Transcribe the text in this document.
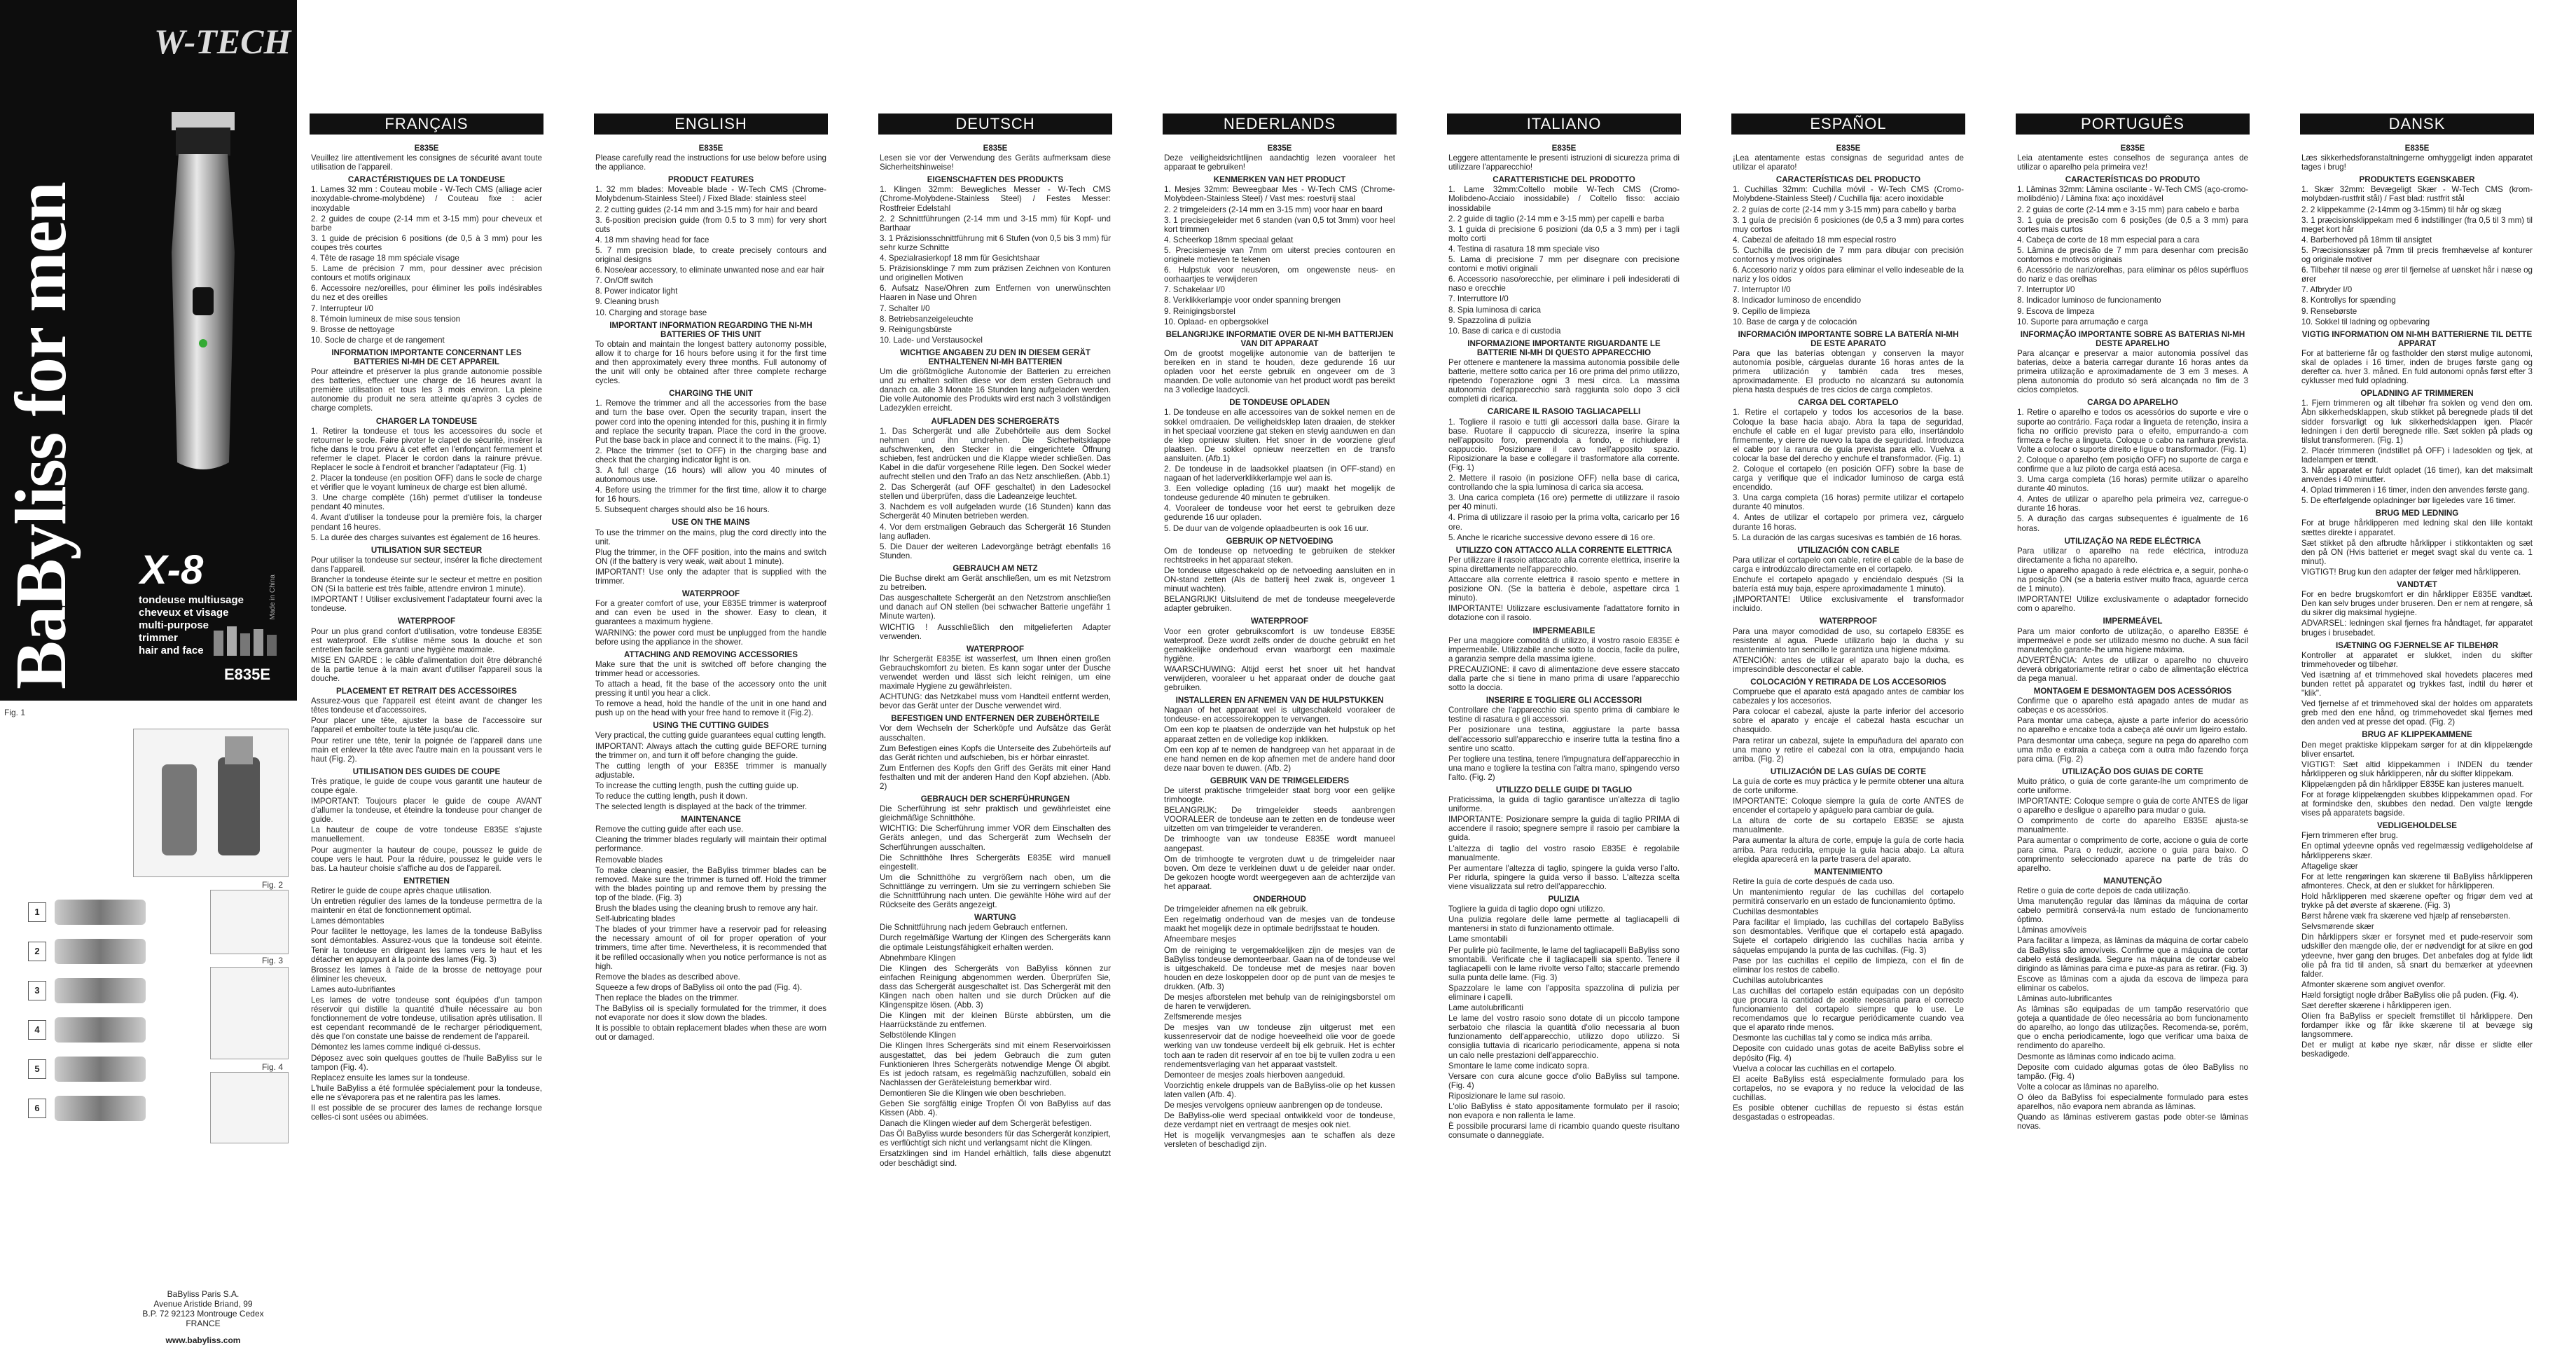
BaByliss for men
W-TECH
X-8
tondeuse multiusage
cheveux et visage
multi-purpose
trimmer
hair and face
Made in China
E835E
Fig. 1
Fig. 2
Fig. 3
Fig. 4
1
2
3
4
5
6
BaByliss Paris S.A.
Avenue Aristide Briand, 99
B.P. 72 92123 Montrouge Cedex
FRANCE
www.babyliss.com
FRANÇAIS
E835E

Veuillez lire attentivement les consignes de sécurité avant toute utilisation de l'appareil.

CARACTÉRISTIQUES DE LA TONDEUSE

1. Lames 32 mm : Couteau mobile - W-Tech CMS (alliage acier inoxydable-chrome-molybdène) / Couteau fixe : acier inoxydable

2. 2 guides de coupe (2-14 mm et 3-15 mm) pour cheveux et barbe

3. 1 guide de précision 6 positions (de 0,5 à 3 mm) pour les coupes très courtes

4. Tête de rasage 18 mm spéciale visage

5. Lame de précision 7 mm, pour dessiner avec précision contours et motifs originaux

6. Accessoire nez/oreilles, pour éliminer les poils indésirables du nez et des oreilles

7. Interrupteur I/0

8. Témoin lumineux de mise sous tension

9. Brosse de nettoyage

10. Socle de charge et de rangement

INFORMATION IMPORTANTE CONCERNANT LES BATTERIES NI-MH DE CET APPAREIL

Pour atteindre et préserver la plus grande autonomie possible des batteries, effectuer une charge de 16 heures avant la première utilisation et tous les 3 mois environ. La pleine autonomie du produit ne sera atteinte qu'après 3 cycles de charge complets.

CHARGER LA TONDEUSE

1. Retirer la tondeuse et tous les accessoires du socle et retourner le socle. Faire pivoter le clapet de sécurité, insérer la fiche dans le trou prévu à cet effet en l'enfonçant fermement et refermer le clapet. Placer le cordon dans la rainure prévue. Replacer le socle à l'endroit et brancher l'adaptateur (Fig. 1)

2. Placer la tondeuse (en position OFF) dans le socle de charge et vérifier que le voyant lumineux de charge est bien allumé.

3. Une charge complète (16h) permet d'utiliser la tondeuse pendant 40 minutes.

4. Avant d'utiliser la tondeuse pour la première fois, la charger pendant 16 heures.

5. La durée des charges suivantes est également de 16 heures.

UTILISATION SUR SECTEUR

Pour utiliser la tondeuse sur secteur, insérer la fiche directement dans l'appareil.

Brancher la tondeuse éteinte sur le secteur et mettre en position ON (Si la batterie est très faible, attendre environ 1 minute).

IMPORTANT ! Utiliser exclusivement l'adaptateur fourni avec la tondeuse.

WATERPROOF

Pour un plus grand confort d'utilisation, votre tondeuse E835E est waterproof. Elle s'utilise même sous la douche et son entretien facile sera garanti une hygiène maximale.

MISE EN GARDE : le câble d'alimentation doit être débranché de la partie tenue à la main avant d'utiliser l'appareil sous la douche.

PLACEMENT ET RETRAIT DES ACCESSOIRES

Assurez-vous que l'appareil est éteint avant de changer les têtes tondeuse et d'accessoires.

Pour placer une tête, ajuster la base de l'accessoire sur l'appareil et emboîter toute la tête jusqu'au clic.

Pour retirer une tête, tenir la poignée de l'appareil dans une main et enlever la tête avec l'autre main en la poussant vers le haut (Fig. 2).

UTILISATION DES GUIDES DE COUPE

Très pratique, le guide de coupe vous garantit une hauteur de coupe égale.

IMPORTANT: Toujours placer le guide de coupe AVANT d'allumer la tondeuse, et éteindre la tondeuse pour changer de guide.

La hauteur de coupe de votre tondeuse E835E s'ajuste manuellement.

Pour augmenter la hauteur de coupe, poussez le guide de coupe vers le haut. Pour la réduire, poussez le guide vers le bas. La hauteur choisie s'affiche au dos de l'appareil.

ENTRETIEN

Retirer le guide de coupe après chaque utilisation.

Un entretien régulier des lames de la tondeuse permettra de la maintenir en état de fonctionnement optimal.

Lames démontables

Pour faciliter le nettoyage, les lames de la tondeuse BaByliss sont démontables. Assurez-vous que la tondeuse soit éteinte. Tenir la tondeuse en dirigeant les lames vers le haut et les détacher en appuyant à la pointe des lames (Fig. 3)

Brossez les lames à l'aide de la brosse de nettoyage pour éliminer les cheveux.

Lames auto-lubrifiantes

Les lames de votre tondeuse sont équipées d'un tampon réservoir qui distille la quantité d'huile nécessaire au bon fonctionnement de votre tondeuse, utilisation après utilisation. Il est cependant recommandé de le recharger périodiquement, dès que l'on constate une baisse de rendement de l'appareil.

Démontez les lames comme indiqué ci-dessus.

Déposez avec soin quelques gouttes de l'huile BaByliss sur le tampon (Fig. 4).

Replacez ensuite les lames sur la tondeuse.

L'huile BaByliss a été formulée spécialement pour la tondeuse, elle ne s'évaporera pas et ne ralentira pas les lames.

Il est possible de se procurer des lames de rechange lorsque celles-ci sont usées ou abimées.

ENGLISH
E835E

Please carefully read the instructions for use below before using the appliance.

PRODUCT FEATURES

1. 32 mm blades: Moveable blade - W-Tech CMS (Chrome-Molybdenum-Stainless Steel) / Fixed Blade: stainless steel

2. 2 cutting guides (2-14 mm and 3-15 mm) for hair and beard

3. 6-position precision guide (from 0.5 to 3 mm) for very short cuts

4. 18 mm shaving head for face

5. 7 mm precision blade, to create precisely contours and original designs

6. Nose/ear accessory, to eliminate unwanted nose and ear hair

7. On/Off switch

8. Power indicator light

9. Cleaning brush

10. Charging and storage base

IMPORTANT INFORMATION REGARDING THE NI-MH BATTERIES OF THIS UNIT

To obtain and maintain the longest battery autonomy possible, allow it to charge for 16 hours before using it for the first time and then approximately every three months. Full autonomy of the unit will only be obtained after three complete recharge cycles.

CHARGING THE UNIT

1. Remove the trimmer and all the accessories from the base and turn the base over. Open the security trapan, insert the power cord into the opening intended for this, pushing it in firmly and replace the security trapan. Place the cord in the groove. Put the base back in place and connect it to the mains. (Fig. 1)

2. Place the trimmer (set to OFF) in the charging base and check that the charging indicator light is on.

3. A full charge (16 hours) will allow you 40 minutes of autonomous use.

4. Before using the trimmer for the first time, allow it to charge for 16 hours.

5. Subsequent charges should also be 16 hours.

USE ON THE MAINS

To use the trimmer on the mains, plug the cord directly into the unit.

Plug the trimmer, in the OFF position, into the mains and switch ON (if the battery is very weak, wait about 1 minute).

IMPORTANT! Use only the adapter that is supplied with the trimmer.

WATERPROOF

For a greater comfort of use, your E835E trimmer is waterproof and can even be used in the shower. Easy to clean, it guarantees a maximum hygiene.

WARNING: the power cord must be unplugged from the handle before using the appliance in the shower.

ATTACHING AND REMOVING ACCESSORIES

Make sure that the unit is switched off before changing the trimmer head or accessories.

To attach a head, fit the base of the accessory onto the unit pressing it until you hear a click.

To remove a head, hold the handle of the unit in one hand and push up on the head with your free hand to remove it (Fig.2).

USING THE CUTTING GUIDES

Very practical, the cutting guide guarantees equal cutting length.

IMPORTANT: Always attach the cutting guide BEFORE turning the trimmer on, and turn it off before changing the guide.

The cutting length of your E835E trimmer is manually adjustable.

To increase the cutting length, push the cutting guide up.

To reduce the cutting length, push it down.

The selected length is displayed at the back of the trimmer.

MAINTENANCE

Remove the cutting guide after each use.

Cleaning the trimmer blades regularly will maintain their optimal performance.

Removable blades

To make cleaning easier, the BaByliss trimmer blades can be removed. Make sure the trimmer is turned off. Hold the trimmer with the blades pointing up and remove them by pressing the top of the blade. (Fig. 3)

Brush the blades using the cleaning brush to remove any hair.

Self-lubricating blades

The blades of your trimmer have a reservoir pad for releasing the necessary amount of oil for proper operation of your trimmers, time after time. Nevertheless, it is recommended that it be refilled occasionally when you notice performance is not as high.

Remove the blades as described above.

Squeeze a few drops of BaByliss oil onto the pad (Fig. 4).

Then replace the blades on the trimmer.

The BaByliss oil is specially formulated for the trimmer, it does not evaporate nor does it slow down the blades.

It is possible to obtain replacement blades when these are worn out or damaged.

DEUTSCH
E835E

Lesen sie vor der Verwendung des Geräts aufmerksam diese Sicherheitshinweise!

EIGENSCHAFTEN DES PRODUKTS

1. Klingen 32mm: Bewegliches Messer - W-Tech CMS (Chrome-Molybdene-Stainless Steel) / Festes Messer: Rostfreier Edelstahl

2. 2 Schnittführungen (2-14 mm und 3-15 mm) für Kopf- und Barthaar

3. 1 Präzisionsschnittführung mit 6 Stufen (von 0,5 bis 3 mm) für sehr kurze Schnitte

4. Spezialrasierkopf 18 mm für Gesichtshaar

5. Präzisionsklinge 7 mm zum präzisen Zeichnen von Konturen und originellen Motiven

6. Aufsatz Nase/Ohren zum Entfernen von unerwünschten Haaren in Nase und Ohren

7. Schalter I/0

8. Betriebsanzeigeleuchte

9. Reinigungsbürste

10. Lade- und Verstausockel

WICHTIGE ANGABEN ZU DEN IN DIESEM GERÄT ENTHALTENEN NI-MH BATTERIEN

Um die größtmögliche Autonomie der Batterien zu erreichen und zu erhalten sollten diese vor dem ersten Gebrauch und danach ca. alle 3 Monate 16 Stunden lang aufgeladen werden. Die volle Autonomie des Produkts wird erst nach 3 vollständigen Ladezyklen erreicht.

AUFLADEN DES SCHERGERÄTS

1. Das Schergerät und alle Zubehörteile aus dem Sockel nehmen und ihn umdrehen. Die Sicherheitsklappe aufschwenken, den Stecker in die eingerichtete Öffnung schieben, fest andrücken und die Klappe wieder schließen. Das Kabel in die dafür vorgesehene Rille legen. Den Sockel wieder aufrecht stellen und den Trafo an das Netz anschließen. (Abb.1)

2. Das Schergerät (auf OFF geschaltet) in den Ladesockel stellen und überprüfen, dass die Ladeanzeige leuchtet.

3. Nachdem es voll aufgeladen wurde (16 Stunden) kann das Schergerät 40 Minuten betrieben werden.

4. Vor dem erstmaligen Gebrauch das Schergerät 16 Stunden lang aufladen.

5. Die Dauer der weiteren Ladevorgänge beträgt ebenfalls 16 Stunden.

GEBRAUCH AM NETZ

Die Buchse direkt am Gerät anschließen, um es mit Netzstrom zu betreiben.

Das ausgeschaltete Schergerät an den Netzstrom anschließen und danach auf ON stellen (bei schwacher Batterie ungefähr 1 Minute warten).

WICHTIG ! Ausschließlich den mitgelieferten Adapter verwenden.

WATERPROOF

Ihr Schergerät E835E ist wasserfest, um Ihnen einen großen Gebrauchskomfort zu bieten. Es kann sogar unter der Dusche verwendet werden und lässt sich leicht reinigen, um eine maximale Hygiene zu gewährleisten.

ACHTUNG: das Netzkabel muss vom Handteil entfernt werden, bevor das Gerät unter der Dusche verwendet wird.

BEFESTIGEN UND ENTFERNEN DER ZUBEHÖRTEILE

Vor dem Wechseln der Scherköpfe und Aufsätze das Gerät ausschalten.

Zum Befestigen eines Kopfs die Unterseite des Zubehörteils auf das Gerät richten und aufschieben, bis er hörbar einrastet.

Zum Entfernen des Kopfs den Griff des Geräts mit einer Hand festhalten und mit der anderen Hand den Kopf abziehen. (Abb. 2)

GEBRAUCH DER SCHERFÜHRUNGEN

Die Scherführung ist sehr praktisch und gewährleistet eine gleichmäßige Schnitthöhe.

WICHTIG: Die Scherführung immer VOR dem Einschalten des Geräts anlegen, und das Schergerät zum Wechseln der Scherführungen ausschalten.

Die Schnitthöhe Ihres Schergeräts E835E wird manuell eingestellt.

Um die Schnitthöhe zu vergrößern nach oben, um die Schnittlänge zu verringern. Um sie zu verringern schieben Sie die Schnittführung nach unten. Die gewählte Höhe wird auf der Rückseite des Geräts angezeigt.

WARTUNG

Die Schnittführung nach jedem Gebrauch entfernen.

Durch regelmäßige Wartung der Klingen des Schergeräts kann die optimale Leistungsfähigkeit erhalten werden.

Abnehmbare Klingen

Die Klingen des Schergeräts von BaByliss können zur einfachen Reinigung abgenommen werden. Überprüfen Sie, dass das Schergerät ausgeschaltet ist. Das Schergerät mit den Klingen nach oben halten und sie durch Drücken auf die Klingenspitze lösen. (Abb. 3)

Die Klingen mit der kleinen Bürste abbürsten, um die Haarrückstände zu entfernen.

Selbstölende Klingen

Die Klingen Ihres Schergeräts sind mit einem Reservoirkissen ausgestattet, das bei jedem Gebrauch die zum guten Funktionieren Ihres Schergeräts notwendige Menge Öl abgibt. Es ist jedoch ratsam, es regelmäßig nachzufüllen, sobald ein Nachlassen der Geräteleistung bemerkbar wird.

Demontieren Sie die Klingen wie oben beschrieben.

Geben Sie sorgfältig einige Tropfen Öl von BaByliss auf das Kissen (Abb. 4).

Danach die Klingen wieder auf dem Schergerät befestigen.

Das Öl BaByliss wurde besonders für das Schergerät konzipiert, es verflüchtigt sich nicht und verlangsamt nicht die Klingen.

Ersatzklingen sind im Handel erhältlich, falls diese abgenutzt oder beschädigt sind.

NEDERLANDS
E835E

Deze veiligheidsrichtlijnen aandachtig lezen vooraleer het apparaat te gebruiken!

KENMERKEN VAN HET PRODUCT

1. Mesjes 32mm: Beweegbaar Mes - W-Tech CMS (Chrome-Molybdeen-Stainless Steel) / Vast mes: roestvrij staal

2. 2 trimgeleiders (2-14 mm en 3-15 mm) voor haar en baard

3. 1 precisiegeleider met 6 standen (van 0,5 tot 3mm) voor heel kort trimmen

4. Scheerkop 18mm speciaal gelaat

5. Precisiemesje van 7mm om uiterst precies contouren en originele motieven te tekenen

6. Hulpstuk voor neus/oren, om ongewenste neus- en oorhaartjes te verwijderen

7. Schakelaar I/0

8. Verklikkerlampje voor onder spanning brengen

9. Reinigingsborstel

10. Oplaad- en opbergsokkel

BELANGRIJKE INFORMATIE OVER DE NI-MH BATTERIJEN VAN DIT APPARAAT

Om de grootst mogelijke autonomie van de batterijen te bereiken en in stand te houden, deze gedurende 16 uur opladen voor het eerste gebruik en ongeveer om de 3 maanden. De volle autonomie van het product wordt pas bereikt na 3 volledige laadcycli.

DE TONDEUSE OPLADEN

1. De tondeuse en alle accessoires van de sokkel nemen en de sokkel omdraaien. De veiligheidsklep laten draaien, de stekker in het speciaal voorziene gat steken en stevig aanduwen en dan de klep opnieuw sluiten. Het snoer in de voorziene gleuf plaatsen. De sokkel opnieuw neerzetten en de transfo aansluiten. (Afb.1)

2. De tondeuse in de laadsokkel plaatsen (in OFF-stand) en nagaan of het laderverklikkerlampje wel aan is.

3. Een volledige oplading (16 uur) maakt het mogelijk de tondeuse gedurende 40 minuten te gebruiken.

4. Vooraleer de tondeuse voor het eerst te gebruiken deze gedurende 16 uur opladen.

5. De duur van de volgende oplaadbeurten is ook 16 uur.

GEBRUIK OP NETVOEDING

Om de tondeuse op netvoeding te gebruiken de stekker rechtstreeks in het apparaat steken.

De tondeuse uitgeschakeld op de netvoeding aansluiten en in ON-stand zetten (Als de batterij heel zwak is, ongeveer 1 minuut wachten).

BELANGRIJK! Uitsluitend de met de tondeuse meegeleverde adapter gebruiken.

WATERPROOF

Voor een groter gebruikscomfort is uw tondeuse E835E waterproof. Deze wordt zelfs onder de douche gebruikt en het gemakkelijke onderhoud ervan waarborgt een maximale hygiëne.

WAARSCHUWING: Altijd eerst het snoer uit het handvat verwijderen, vooraleer u het apparaat onder de douche gaat gebruiken.

INSTALLEREN EN AFNEMEN VAN DE HULPSTUKKEN

Nagaan of het apparaat wel is uitgeschakeld vooraleer de tondeuse- en accessoirekoppen te vervangen.

Om een kop te plaatsen de onderzijde van het hulpstuk op het apparaat zetten en de volledige kop inklikken.

Om een kop af te nemen de handgreep van het apparaat in de ene hand nemen en de kop afnemen met de andere hand door deze naar boven te duwen. (Afb. 2)

GEBRUIK VAN DE TRIMGELEIDERS

De uiterst praktische trimgeleider staat borg voor een gelijke trimhoogte.

BELANGRIJK: De trimgeleider steeds aanbrengen VOORALEER de tondeuse aan te zetten en de tondeuse weer uitzetten om van trimgeleider te veranderen.

De trimhoogte van uw tondeuse E835E wordt manueel aangepast.

Om de trimhoogte te vergroten duwt u de trimgeleider naar boven. Om deze te verkleinen duwt u de geleider naar onder. De gekozen hoogte wordt weergegeven aan de achterzijde van het apparaat.

ONDERHOUD

De trimgeleider afnemen na elk gebruik.

Een regelmatig onderhoud van de mesjes van de tondeuse maakt het mogelijk deze in optimale bedrijfsstaat te houden.

Afneembare mesjes

Om de reiniging te vergemakkelijken zijn de mesjes van de BaByliss tondeuse demonteerbaar. Gaan na of de tondeuse wel is uitgeschakeld. De tondeuse met de mesjes naar boven houden en deze loskoppelen door op de punt van de mesjes te drukken. (Afb. 3)

De mesjes afborstelen met behulp van de reinigingsborstel om de haren te verwijderen.

Zelfsmerende mesjes

De mesjes van uw tondeuse zijn uitgerust met een kussenreservoir dat de nodige hoeveelheid olie voor de goede werking van uw tondeuse verdeelt bij elk gebruik. Het is echter toch aan te raden dit reservoir af en toe bij te vullen zodra u een rendementsverlaging van het apparaat vaststelt.

Demonteer de mesjes zoals hierboven aangeduid.

Voorzichtig enkele druppels van de BaByliss-olie op het kussen laten vallen (Afb. 4).

De mesjes vervolgens opnieuw aanbrengen op de tondeuse.

De BaByliss-olie werd speciaal ontwikkeld voor de tondeuse, deze verdampt niet en vertraagt de mesjes ook niet.

Het is mogelijk vervangmesjes aan te schaffen als deze versleten of beschadigd zijn.

ITALIANO
E835E

Leggere attentamente le presenti istruzioni di sicurezza prima di utilizzare l'apparecchio!

CARATTERISTICHE DEL PRODOTTO

1. Lame 32mm:Coltello mobile W-Tech CMS (Cromo-Molibdeno-Acciaio inossidabile) / Coltello fisso: acciaio inossidabile

2. 2 guide di taglio (2-14 mm e 3-15 mm) per capelli e barba

3. 1 guida di precisione 6 posizioni (da 0,5 a 3 mm) per i tagli molto corti

4. Testina di rasatura 18 mm speciale viso

5. Lama di precisione 7 mm per disegnare con precisione contorni e motivi originali

6. Accessorio naso/orecchie, per eliminare i peli indesiderati di naso e orecchie

7. Interruttore I/0

8. Spia luminosa di carica

9. Spazzolina di pulizia

10. Base di carica e di custodia

INFORMAZIONE IMPORTANTE RIGUARDANTE LE BATTERIE NI-MH DI QUESTO APPARECCHIO

Per ottenere e mantenere la massima autonomia possibile delle batterie, mettere sotto carica per 16 ore prima del primo utilizzo, ripetendo l'operazione ogni 3 mesi circa. La massima autonomia dell'apparecchio sarà raggiunta solo dopo 3 cicli completi di ricarica.

CARICARE IL RASOIO TAGLIACAPELLI

1. Togliere il rasoio e tutti gli accessori dalla base. Girare la base. Ruotare il cappuccio di sicurezza, inserire la spina nell'apposito foro, premendola a fondo, e richiudere il cappuccio. Posizionare il cavo nell'apposito spazio. Riposizionare la base e collegare il trasformatore alla corrente. (Fig. 1)

2. Mettere il rasoio (in posizione OFF) nella base di carica, controllando che la spia luminosa di carica sia accesa.

3. Una carica completa (16 ore) permette di utilizzare il rasoio per 40 minuti.

4. Prima di utilizzare il rasoio per la prima volta, caricarlo per 16 ore.

5. Anche le ricariche successive devono essere di 16 ore.

UTILIZZO CON ATTACCO ALLA CORRENTE ELETTRICA

Per utilizzare il rasoio attaccato alla corrente elettrica, inserire la spina direttamente nell'apparecchio.

Attaccare alla corrente elettrica il rasoio spento e mettere in posizione ON. (Se la batteria è debole, aspettare circa 1 minuto).

IMPORTANTE! Utilizzare esclusivamente l'adattatore fornito in dotazione con il rasoio.

IMPERMEABILE

Per una maggiore comodità di utilizzo, il vostro rasoio E835E è impermeabile. Utilizzabile anche sotto la doccia, facile da pulire, a garanzia sempre della massima igiene.

PRECAUZIONE: il cavo di alimentazione deve essere staccato dalla parte che si tiene in mano prima di usare l'apparecchio sotto la doccia.

INSERIRE E TOGLIERE GLI ACCESSORI

Controllare che l'apparecchio sia spento prima di cambiare le testine di rasatura e gli accessori.

Per posizionare una testina, aggiustare la parte bassa dell'accessorio sull'apparecchio e inserire tutta la testina fino a sentire uno scatto.

Per togliere una testina, tenere l'impugnatura dell'apparecchio in una mano e togliere la testina con l'altra mano, spingendo verso l'alto. (Fig. 2)

UTILIZZO DELLE GUIDE DI TAGLIO

Praticissima, la guida di taglio garantisce un'altezza di taglio uniforme.

IMPORTANTE: Posizionare sempre la guida di taglio PRIMA di accendere il rasoio; spegnere sempre il rasoio per cambiare la guida.

L'altezza di taglio del vostro rasoio E835E è regolabile manualmente.

Per aumentare l'altezza di taglio, spingere la guida verso l'alto. Per ridurla, spingere la guida verso il basso. L'altezza scelta viene visualizzata sul retro dell'apparecchio.

PULIZIA

Togliere la guida di taglio dopo ogni utilizzo.

Una pulizia regolare delle lame permette al tagliacapelli di mantenersi in stato di funzionamento ottimale.

Lame smontabili

Per pulirle più facilmente, le lame del tagliacapelli BaByliss sono smontabili. Verificate che il tagliacapelli sia spento. Tenere il tagliacapelli con le lame rivolte verso l'alto; staccarle premendo sulla punta delle lame. (Fig. 3)

Spazzolare le lame con l'apposita spazzolina di pulizia per eliminare i capelli.

Lame autolubrificanti

Le lame del vostro rasoio sono dotate di un piccolo tampone serbatoio che rilascia la quantità d'olio necessaria al buon funzionamento dell'apparecchio, utilizzo dopo utilizzo. Si consiglia tuttavia di ricaricarlo periodicamente, appena si nota un calo nelle prestazioni dell'apparecchio.

Smontare le lame come indicato sopra.

Versare con cura alcune gocce d'olio BaByliss sul tampone. (Fig. 4)

Riposizionare le lame sul rasoio.

L'olio BaByliss è stato appositamente formulato per il rasoio; non evapora e non rallenta le lame.

È possibile procurarsi lame di ricambio quando queste risultano consumate o danneggiate.

ESPAÑOL
E835E

¡Lea atentamente estas consignas de seguridad antes de utilizar el aparato!

CARACTERÍSTICAS DEL PRODUCTO

1. Cuchillas 32mm: Cuchilla móvil - W-Tech CMS (Cromo-Molybdene-Stainless Steel) / Cuchilla fija: acero inoxidable

2. 2 guías de corte (2-14 mm y 3-15 mm) para cabello y barba

3. 1 guía de precisión 6 posiciones (de 0,5 a 3 mm) para cortes muy cortos

4. Cabezal de afeitado 18 mm especial rostro

5. Cuchilla de precisión de 7 mm para dibujar con precisión contornos y motivos originales

6. Accesorio nariz y oídos para eliminar el vello indeseable de la nariz y los oídos

7. Interruptor I/0

8. Indicador luminoso de encendido

9. Cepillo de limpieza

10. Base de carga y de colocación

INFORMACIÓN IMPORTANTE SOBRE LA BATERÍA NI-MH DE ESTE APARATO

Para que las baterías obtengan y conserven la mayor autonomía posible, cárguelas durante 16 horas antes de la primera utilización y también cada tres meses, aproximadamente. El producto no alcanzará su autonomía plena hasta después de tres ciclos de carga completos.

CARGA DEL CORTAPELO

1. Retire el cortapelo y todos los accesorios de la base. Coloque la base hacia abajo. Abra la tapa de seguridad, enchufe el cable en el lugar previsto para ello, insertándolo firmemente, y cierre de nuevo la tapa de seguridad. Introduzca el cable por la ranura de guía prevista para ello. Vuelva a colocar la base del derecho y enchufe el transformador. (Fig. 1)

2. Coloque el cortapelo (en posición OFF) sobre la base de carga y verifique que el indicador luminoso de carga está encendido.

3. Una carga completa (16 horas) permite utilizar el cortapelo durante 40 minutos.

4. Antes de utilizar el cortapelo por primera vez, cárguelo durante 16 horas.

5. La duración de las cargas sucesivas es también de 16 horas.

UTILIZACIÓN CON CABLE

Para utilizar el cortapelo con cable, retire el cable de la base de carga e introdúzcalo directamente en el cortapelo.

Enchufe el cortapelo apagado y enciéndalo después (Si la batería está muy baja, espere aproximadamente 1 minuto).

¡IMPORTANTE! Utilice exclusivamente el transformador incluido.

WATERPROOF

Para una mayor comodidad de uso, su cortapelo E835E es resistente al agua. Puede utilizarlo bajo la ducha y su mantenimiento tan sencillo le garantiza una higiene máxima.

ATENCIÓN: antes de utilizar el aparato bajo la ducha, es imprescindible desconectar el cable.

COLOCACIÓN Y RETIRADA DE LOS ACCESORIOS

Compruebe que el aparato está apagado antes de cambiar los cabezales y los accesorios.

Para colocar el cabezal, ajuste la parte inferior del accesorio sobre el aparato y encaje el cabezal hasta escuchar un chasquido.

Para retirar un cabezal, sujete la empuñadura del aparato con una mano y retire el cabezal con la otra, empujando hacia arriba. (Fig. 2)

UTILIZACIÓN DE LAS GUÍAS DE CORTE

La guía de corte es muy práctica y le permite obtener una altura de corte uniforme.

IMPORTANTE: Coloque siempre la guía de corte ANTES de encender el cortapelo y apáguelo para cambiar de guía.

La altura de corte de su cortapelo E835E se ajusta manualmente.

Para aumentar la altura de corte, empuje la guía de corte hacia arriba. Para reducirla, empuje la guía hacia abajo. La altura elegida aparecerá en la parte trasera del aparato.

MANTENIMIENTO

Retire la guía de corte después de cada uso.

Un mantenimiento regular de las cuchillas del cortapelo permitirá conservarlo en un estado de funcionamiento óptimo.

Cuchillas desmontables

Para facilitar el limpiado, las cuchillas del cortapelo BaByliss son desmontables. Verifique que el cortapelo está apagado. Sujete el cortapelo dirigiendo las cuchillas hacia arriba y sáquelas empujando la punta de las cuchillas. (Fig. 3)

Pase por las cuchillas el cepillo de limpieza, con el fin de eliminar los restos de cabello.

Cuchillas autolubricantes

Las cuchillas del cortapelo están equipadas con un depósito que procura la cantidad de aceite necesaria para el correcto funcionamiento del cortapelo siempre que lo use. Le recomendamos que lo recargue periódicamente cuando vea que el aparato rinde menos.

Desmonte las cuchillas tal y como se indica más arriba.

Deposite con cuidado unas gotas de aceite BaByliss sobre el depósito (Fig. 4)

Vuelva a colocar las cuchillas en el cortapelo.

El aceite BaByliss está especialmente formulado para los cortapelos, no se evapora y no reduce la velocidad de las cuchillas.

Es posible obtener cuchillas de repuesto si éstas están desgastadas o estropeadas.

PORTUGUÊS
E835E

Leia atentamente estes conselhos de segurança antes de utilizar o aparelho pela primeira vez!

CARACTERÍSTICAS DO PRODUTO

1. Lâminas 32mm: Lâmina oscilante - W-Tech CMS (aço-cromo-molibdénio) / Lâmina fixa: aço inoxidável

2. 2 guias de corte (2-14 mm e 3-15 mm) para cabelo e barba

3. 1 guia de precisão com 6 posições (de 0,5 a 3 mm) para cortes mais curtos

4. Cabeça de corte de 18 mm especial para a cara

5. Lâmina de precisão de 7 mm para desenhar com precisão contornos e motivos originais

6. Acessório de nariz/orelhas, para eliminar os pêlos supérfluos do nariz e das orelhas

7. Interruptor I/0

8. Indicador luminoso de funcionamento

9. Escova de limpeza

10. Suporte para arrumação e carga

INFORMAÇÃO IMPORTANTE SOBRE AS BATERIAS NI-MH DESTE APARELHO

Para alcançar e preservar a maior autonomia possível das baterias, deixe a bateria carregar durante 16 horas antes da primeira utilização e aproximadamente de 3 em 3 meses. A plena autonomia do produto só será alcançada no fim de 3 ciclos completos.

CARGA DO APARELHO

1. Retire o aparelho e todos os acessórios do suporte e vire o suporte ao contrário. Faça rodar a lingueta de retenção, insira a ficha no orifício previsto para o efeito, empurrando-a com firmeza e feche a lingueta. Coloque o cabo na ranhura prevista. Volte a colocar o suporte direito e ligue o transformador. (Fig. 1)

2. Coloque o aparelho (em posição OFF) no suporte de carga e confirme que a luz piloto de carga está acesa.

3. Uma carga completa (16 horas) permite utilizar o aparelho durante 40 minutos.

4. Antes de utilizar o aparelho pela primeira vez, carregue-o durante 16 horas.

5. A duração das cargas subsequentes é igualmente de 16 horas.

UTILIZAÇÃO NA REDE ELÉCTRICA

Para utilizar o aparelho na rede eléctrica, introduza directamente a ficha no aparelho.

Ligue o aparelho apagado à rede eléctrica e, a seguir, ponha-o na posição ON (se a bateria estiver muito fraca, aguarde cerca de 1 minuto).

IMPORTANTE! Utilize exclusivamente o adaptador fornecido com o aparelho.

IMPERMEÁVEL

Para um maior conforto de utilização, o aparelho E835E é impermeável e pode ser utilizado mesmo no duche. A sua fácil manutenção garante-lhe uma higiene máxima.

ADVERTÊNCIA: Antes de utilizar o aparelho no chuveiro deverá obrigatoriamente retirar o cabo de alimentação eléctrica da pega manual.

MONTAGEM E DESMONTAGEM DOS ACESSÓRIOS

Confirme que o aparelho está apagado antes de mudar as cabeças e os acessórios.

Para montar uma cabeça, ajuste a parte inferior do acessório no aparelho e encaixe toda a cabeça até ouvir um ligeiro estalo.

Para desmontar uma cabeça, segure na pega do aparelho com uma mão e extraia a cabeça com a outra mão fazendo força para cima. (Fig. 2)

UTILIZAÇÃO DOS GUIAS DE CORTE

Muito prático, o guia de corte garante-lhe um comprimento de corte uniforme.

IMPORTANTE: Coloque sempre o guia de corte ANTES de ligar o aparelho e desligue o aparelho para mudar o guia.

O comprimento de corte do aparelho E835E ajusta-se manualmente.

Para aumentar o comprimento de corte, accione o guia de corte para cima. Para o reduzir, accione o guia para baixo. O comprimento seleccionado aparece na parte de trás do aparelho.

MANUTENÇÃO

Retire o guia de corte depois de cada utilização.

Uma manutenção regular das lâminas da máquina de cortar cabelo permitirá conservá-la num estado de funcionamento óptimo.

Lâminas amovíveis

Para facilitar a limpeza, as lâminas da máquina de cortar cabelo da BaByliss são amovíveis. Confirme que a máquina de cortar cabelo está desligada. Segure na máquina de cortar cabelo dirigindo as lâminas para cima e puxe-as para as retirar. (Fig. 3)

Escove as lâminas com a ajuda da escova de limpeza para eliminar os cabelos.

Lâminas auto-lubrificantes

As lâminas são equipadas de um tampão reservatório que goteja a quantidade de óleo necessária ao bom funcionamento do aparelho, ao longo das utilizações. Recomenda-se, porém, que o encha periodicamente, logo que verificar uma baixa de rendimento do aparelho.

Desmonte as lâminas como indicado acima.

Deposite com cuidado algumas gotas de óleo BaByliss no tampão. (Fig. 4)

Volte a colocar as lâminas no aparelho.

O óleo da BaByliss foi especialmente formulado para estes aparelhos, não evapora nem abranda as lâminas.

Quando as lâminas estiverem gastas pode obter-se lâminas novas.

DANSK
E835E

Læs sikkerhedsforanstaltningerne omhyggeligt inden apparatet tages i brug!

PRODUKTETS EGENSKABER

1. Skær 32mm: Bevægeligt Skær - W-Tech CMS (krom-molybdæn-rustfrit stål) / Fast blad: rustfrit stål

2. 2 klippekamme (2-14mm og 3-15mm) til hår og skæg

3. 1 præcisionsklippekam med 6 indstillinger (fra 0,5 til 3 mm) til meget kort hår

4. Barberhoved på 18mm til ansigtet

5. Præcisionsskær på 7mm til precis fremhævelse af konturer og originale motiver

6. Tilbehør til næse og ører til fjernelse af uønsket hår i næse og ører

7. Afbryder I/0

8. Kontrollys for spænding

9. Rensebørste

10. Sokkel til ladning og opbevaring

VIGTIG INFORMATION OM NI-MH BATTERIERNE TIL DETTE APPARAT

For at batterierne får og fastholder den størst mulige autonomi, skal de oplades i 16 timer, inden de bruges første gang og derefter ca. hver 3. måned. En fuld autonomi opnås først efter 3 cyklusser med fuld opladning.

OPLADNING AF TRIMMEREN

1. Fjern trimmeren og alt tilbehør fra soklen og vend den om. Åbn sikkerhedsklappen, skub stikket på beregnede plads til det sidder forsvarligt og luk sikkerhedsklappen igen. Placér ledningen i den dertil beregnede rille. Sæt soklen på plads og tilslut transformeren. (Fig. 1)

2. Placér trimmeren (indstillet på OFF) i ladesoklen og tjek, at ladelampen er tændt.

3. Når apparatet er fuldt opladet (16 timer), kan det maksimalt anvendes i 40 minutter.

4. Oplad trimmeren i 16 timer, inden den anvendes første gang.

5. De efterfølgende opladninger bør ligeledes vare 16 timer.

BRUG MED LEDNING

For at bruge hårklipperen med ledning skal den lille kontakt sættes direkte i apparatet.

Sæt stikket på den afbrudte hårklipper i stikkontakten og sæt den på ON (Hvis batteriet er meget svagt skal du vente ca. 1 minut).

VIGTIGT! Brug kun den adapter der følger med hårklipperen.

VANDTÆT

For en bedre brugskomfort er din hårklipper E835E vandtæt. Den kan selv bruges under bruseren. Den er nem at rengøre, så du sikrer dig maksimal hygiejne.

ADVARSEL: ledningen skal fjernes fra håndtaget, før apparatet bruges i brusebadet.

ISÆTNING OG FJERNELSE AF TILBEHØR

Kontroller at apparatet er slukket, inden du skifter trimmehoveder og tilbehør.

Ved isætning af et trimmehoved skal hovedets placeres med bunden rettet på apparatet og trykkes fast, indtil du hører et "klik".

Ved fjernelse af et trimmehoved skal der holdes om apparatets greb med den ene hånd, og trimmehovedet skal fjernes med den anden ved at presse det opad. (Fig. 2)

BRUG AF KLIPPEKAMMENE

Den meget praktiske klippekam sørger for at din klippelængde bliver ensartet.

VIGTIGT: Sæt altid klippekammen i INDEN du tænder hårklipperen og sluk hårklipperen, når du skifter klippekam.

Klippelængden på din hårklipper E835E kan justeres manuelt.

For at forøge klippelængden skubbes klippekammen opad. For at formindske den, skubbes den nedad. Den valgte længde vises på apparatets bagside.

VEDLIGEHOLDELSE

Fjern trimmeren efter brug.

En optimal ydeevne opnås ved regelmæssig vedligeholdelse af hårklipperens skær.

Aftagelige skær

For at lette rengøringen kan skærene til BaByliss hårklipperen afmonteres. Check, at den er slukket for hårklipperen.

Hold hårklipperen med skærene opefter og frigør dem ved at trykke på det øverste af skærene. (Fig. 3)

Børst hårene væk fra skærene ved hjælp af rensebørsten.

Selvsmørende skær

Din hårklippers skær er forsynet med et pude-reservoir som udskiller den mængde olie, der er nødvendigt for at sikre en god ydeevne, hver gang den bruges. Det anbefales dog at fylde lidt olie på fra tid til anden, så snart du bemærker at ydeevnen falder.

Afmonter skærene som angivet ovenfor.

Hæld forsigtigt nogle dråber BaByliss olie på puden. (Fig. 4).

Sæt derefter skærene i hårklipperen igen.

Olien fra BaByliss er specielt fremstillet til hårklippere. Den fordamper ikke og får ikke skærene til at bevæge sig langsommere.

Det er muligt at købe nye skær, når disse er slidte eller beskadigede.
